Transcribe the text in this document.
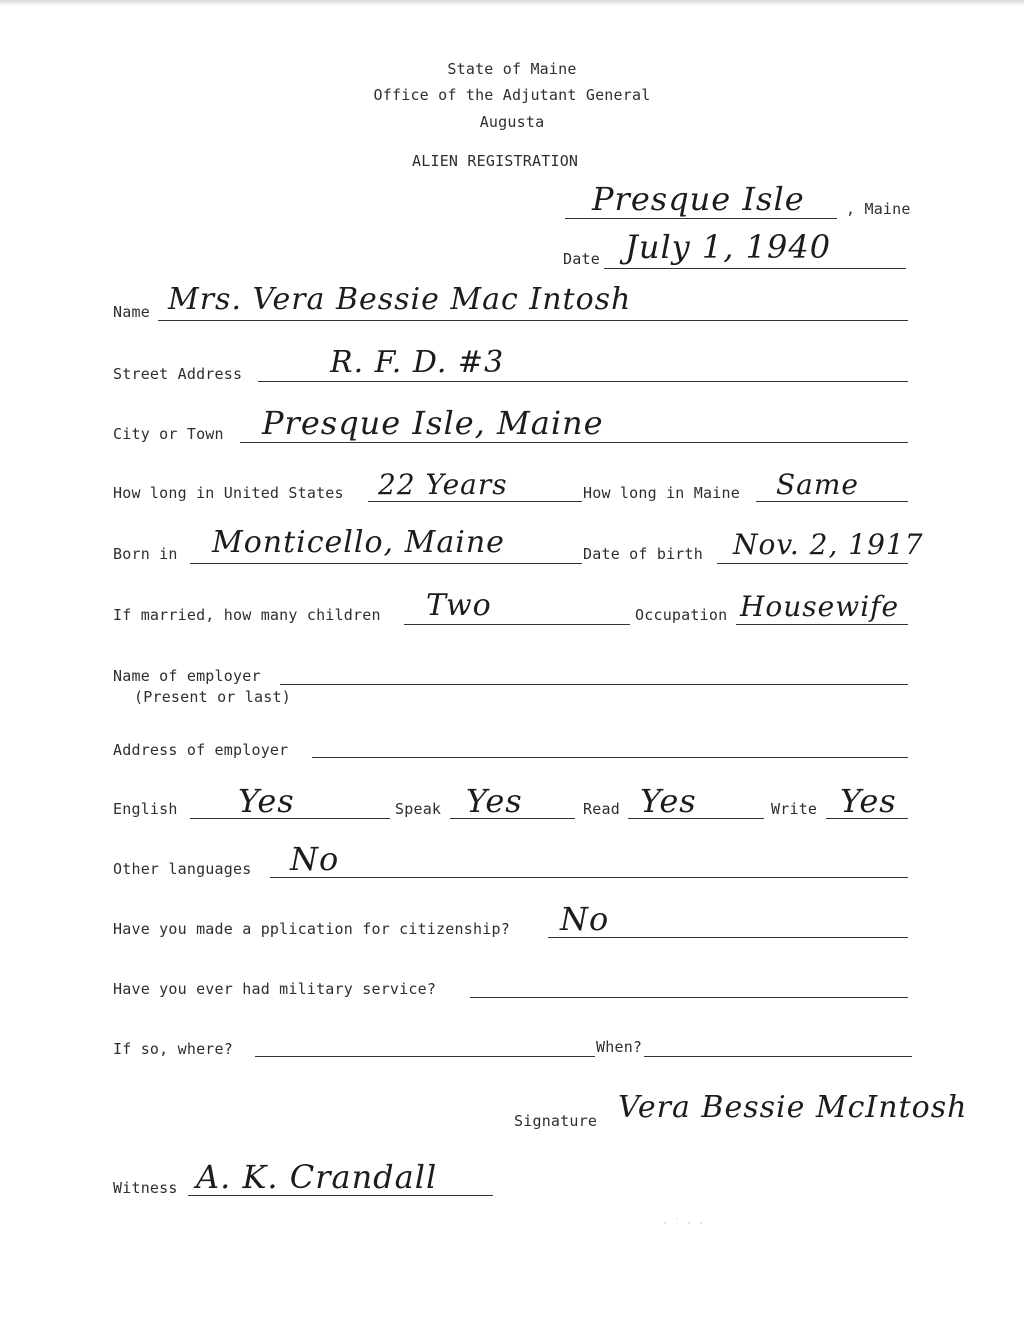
State of Maine
Office of the Adjutant General
Augusta
ALIEN REGISTRATION
Presque Isle	, Maine
Date July 1, 1940
Name Mrs. Vera Bessie Mac Intosh
Street Address	R. F. D. #3
City or Town Presque Isle, Maine
How long in United States 22 Years	How long in Maine Same
Born in Monticello, Maine	Date of birth Nov. 2, 1917
If married, how many children Two	Occupation Housewife
Name of employer
(Present or last)
Address of employer
English Yes	Speak Yes	Read Yes	Write Yes
Other languages No
Have you made a pplication for citizenship? No
Have you ever had military service?
If so, where?	When?
Signature Vera Bessie McIntosh
Witness A. K. Crandall
· ˙ · ·
